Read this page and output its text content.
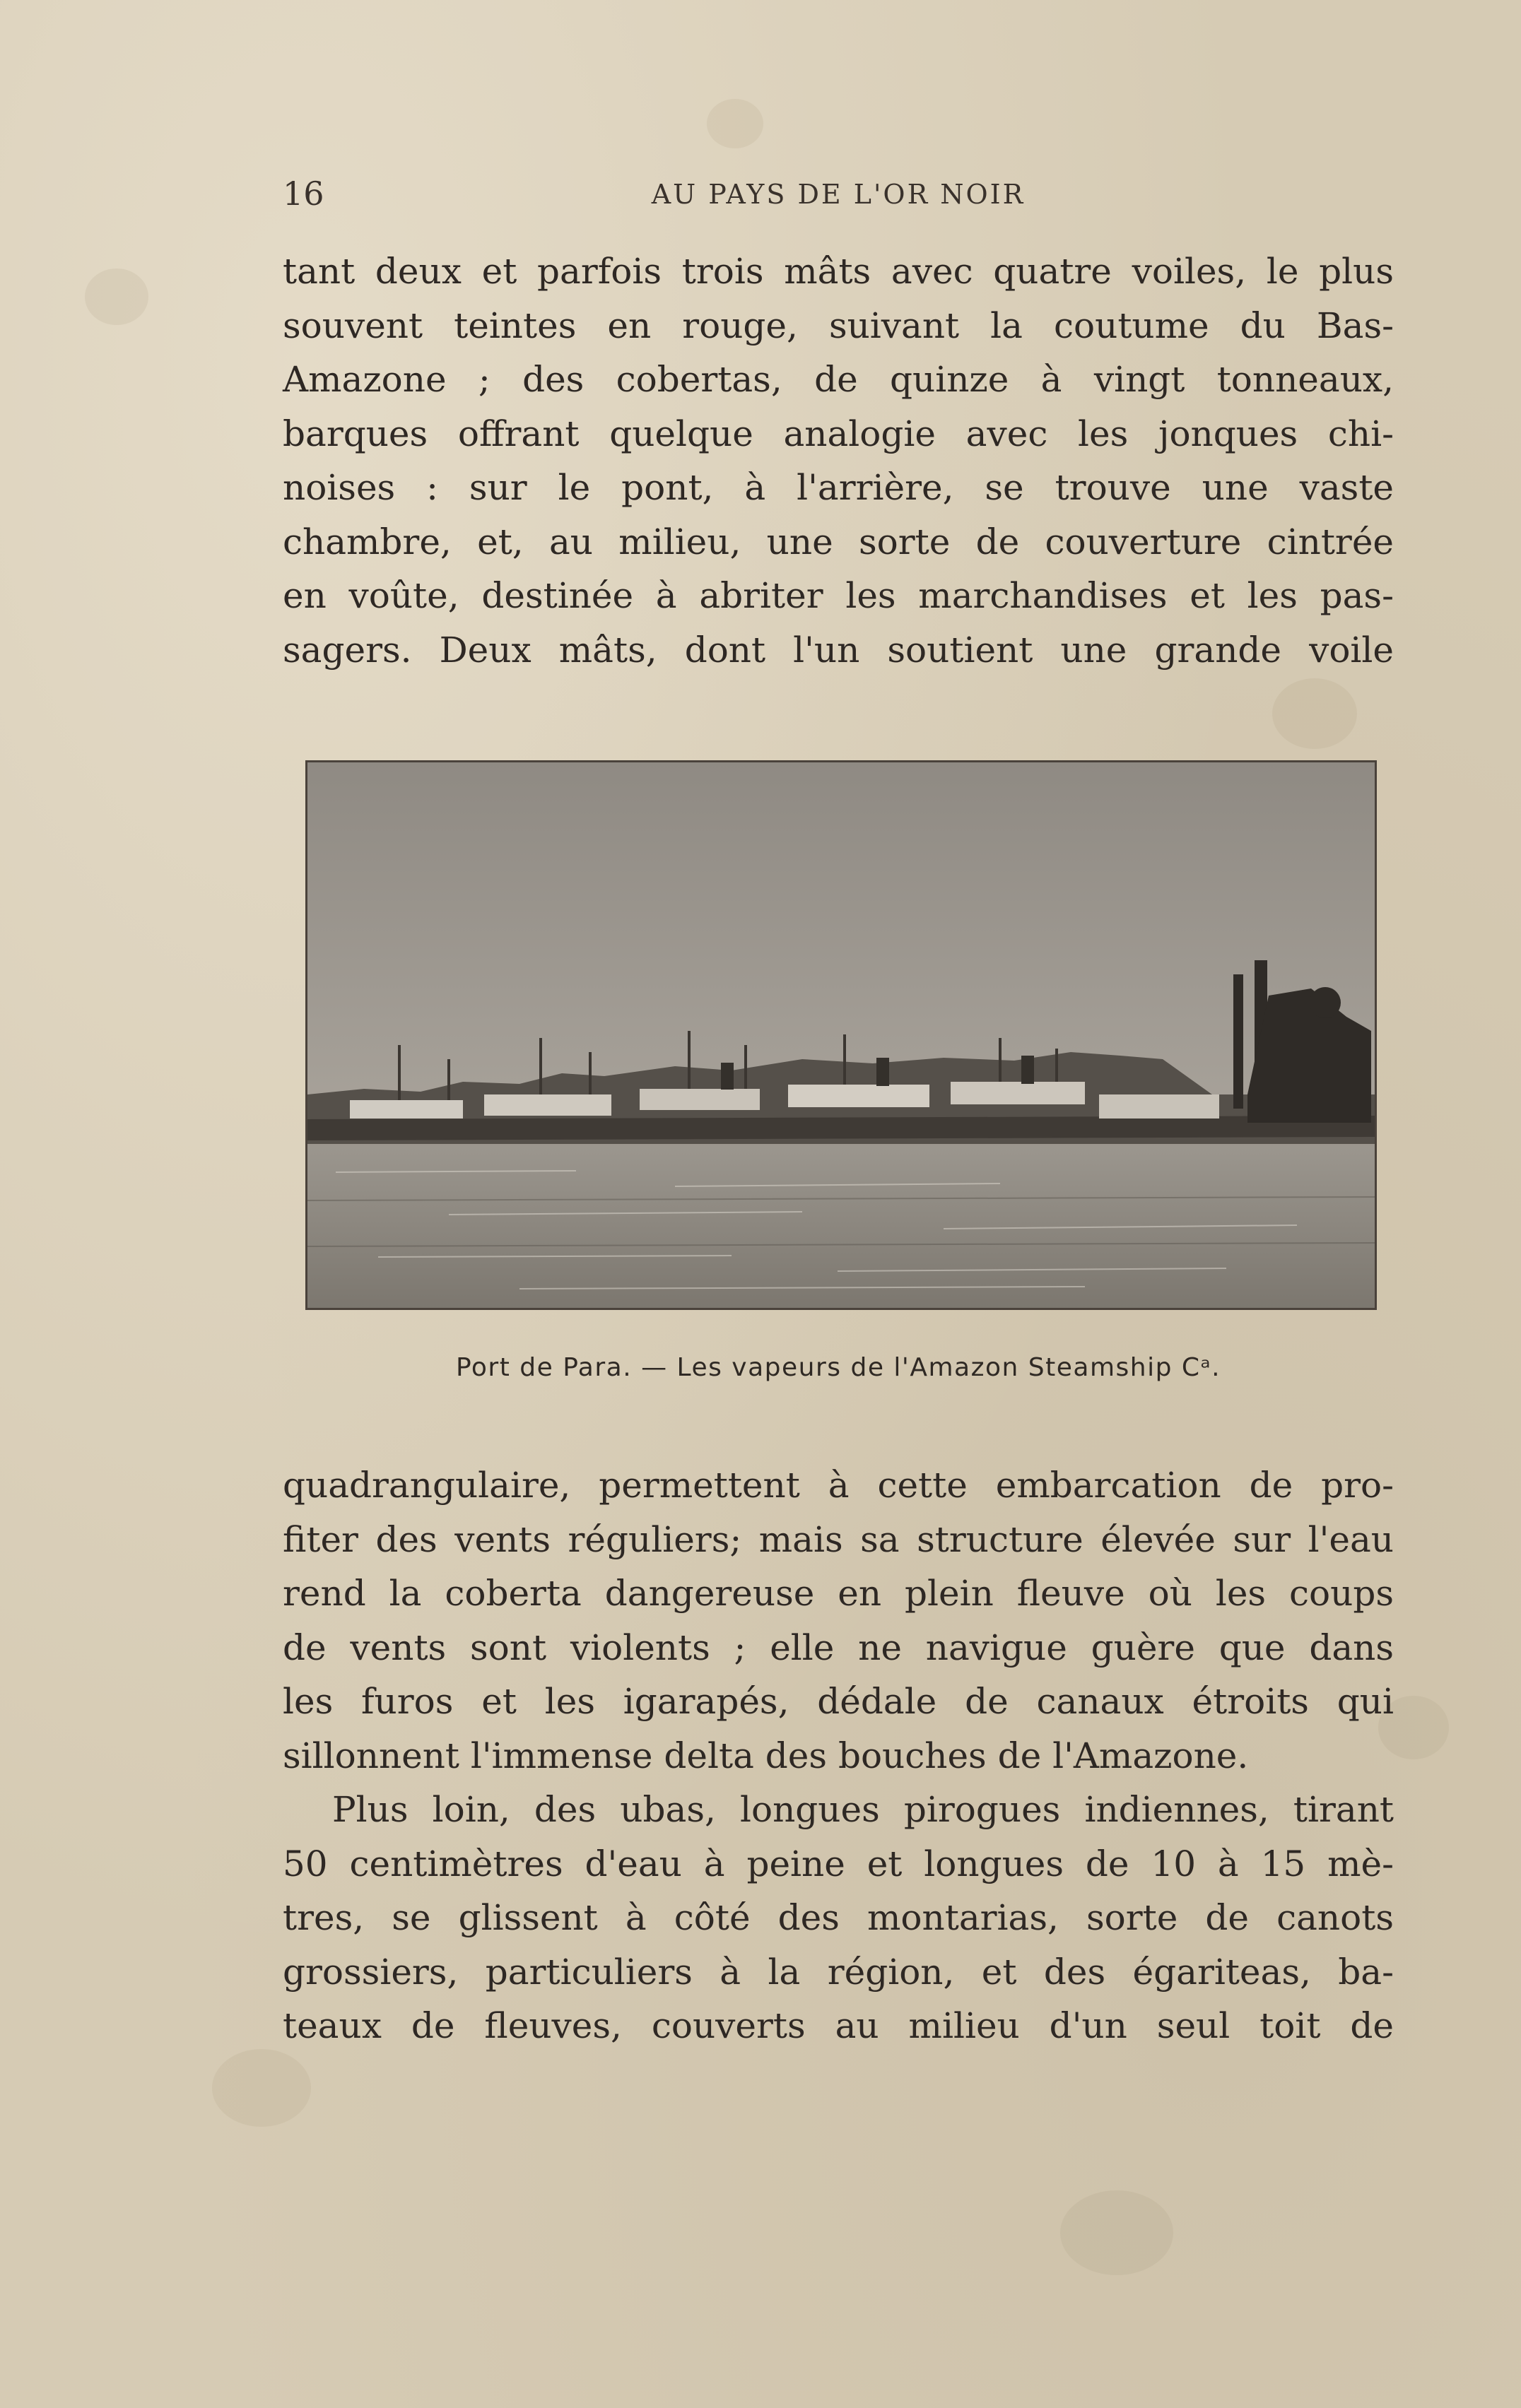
16	AU PAYS DE L'OR NOIR
tant deux et parfois trois mâts avec quatre voiles, le plus
souvent teintes en rouge, suivant la coutume du Bas-
Amazone ; des cobertas, de quinze à vingt tonneaux,
barques offrant quelque analogie avec les jonques chi-
noises : sur le pont, à l'arrière, se trouve une vaste
chambre, et, au milieu, une sorte de couverture cintrée
en voûte, destinée à abriter les marchandises et les pas-
sagers. Deux mâts, dont l'un soutient une grande voile
Port de Para. — Les vapeurs de l'Amazon Steamship Cᵃ.
quadrangulaire, permettent à cette embarcation de pro-
fiter des vents réguliers; mais sa structure élevée sur l'eau
rend la coberta dangereuse en plein fleuve où les coups
de vents sont violents ; elle ne navigue guère que dans
les furos et les igarapés, dédale de canaux étroits qui
sillonnent l'immense delta des bouches de l'Amazone.
Plus loin, des ubas, longues pirogues indiennes, tirant
50 centimètres d'eau à peine et longues de 10 à 15 mè-
tres, se glissent à côté des montarias, sorte de canots
grossiers, particuliers à la région, et des égariteas, ba-
teaux de fleuves, couverts au milieu d'un seul toit de
